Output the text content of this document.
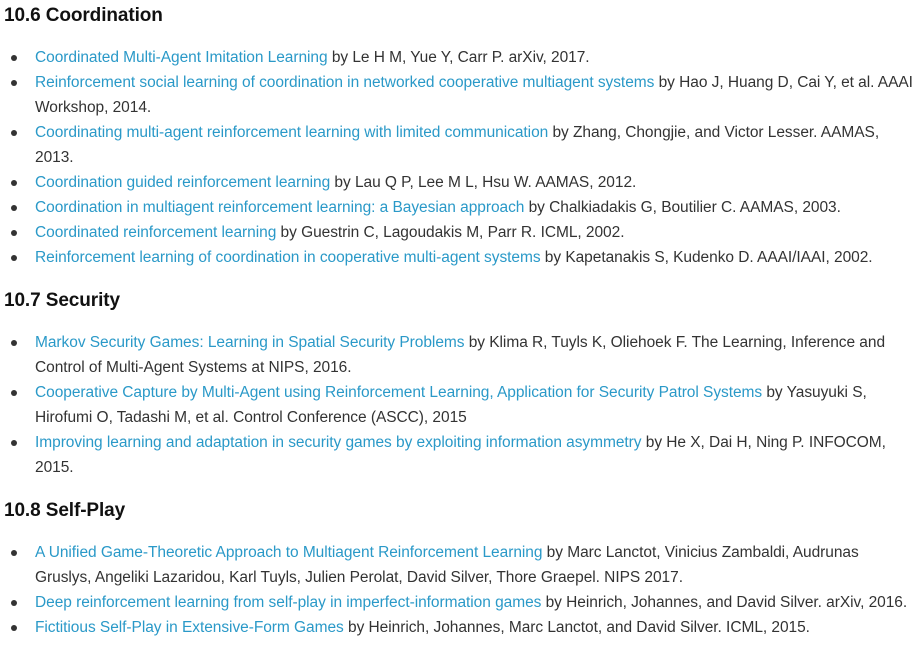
10.6 Coordination
Coordinated Multi-Agent Imitation Learning by Le H M, Yue Y, Carr P. arXiv, 2017.
Reinforcement social learning of coordination in networked cooperative multiagent systems by Hao J, Huang D, Cai Y, et al. AAAI Workshop, 2014.
Coordinating multi-agent reinforcement learning with limited communication by Zhang, Chongjie, and Victor Lesser. AAMAS, 2013.
Coordination guided reinforcement learning by Lau Q P, Lee M L, Hsu W. AAMAS, 2012.
Coordination in multiagent reinforcement learning: a Bayesian approach by Chalkiadakis G, Boutilier C. AAMAS, 2003.
Coordinated reinforcement learning by Guestrin C, Lagoudakis M, Parr R. ICML, 2002.
Reinforcement learning of coordination in cooperative multi-agent systems by Kapetanakis S, Kudenko D. AAAI/IAAI, 2002.
10.7 Security
Markov Security Games: Learning in Spatial Security Problems by Klima R, Tuyls K, Oliehoek F. The Learning, Inference and Control of Multi-Agent Systems at NIPS, 2016.
Cooperative Capture by Multi-Agent using Reinforcement Learning, Application for Security Patrol Systems by Yasuyuki S, Hirofumi O, Tadashi M, et al. Control Conference (ASCC), 2015
Improving learning and adaptation in security games by exploiting information asymmetry by He X, Dai H, Ning P. INFOCOM, 2015.
10.8 Self-Play
A Unified Game-Theoretic Approach to Multiagent Reinforcement Learning by Marc Lanctot, Vinicius Zambaldi, Audrunas Gruslys, Angeliki Lazaridou, Karl Tuyls, Julien Perolat, David Silver, Thore Graepel. NIPS 2017.
Deep reinforcement learning from self-play in imperfect-information games by Heinrich, Johannes, and David Silver. arXiv, 2016.
Fictitious Self-Play in Extensive-Form Games by Heinrich, Johannes, Marc Lanctot, and David Silver. ICML, 2015.
